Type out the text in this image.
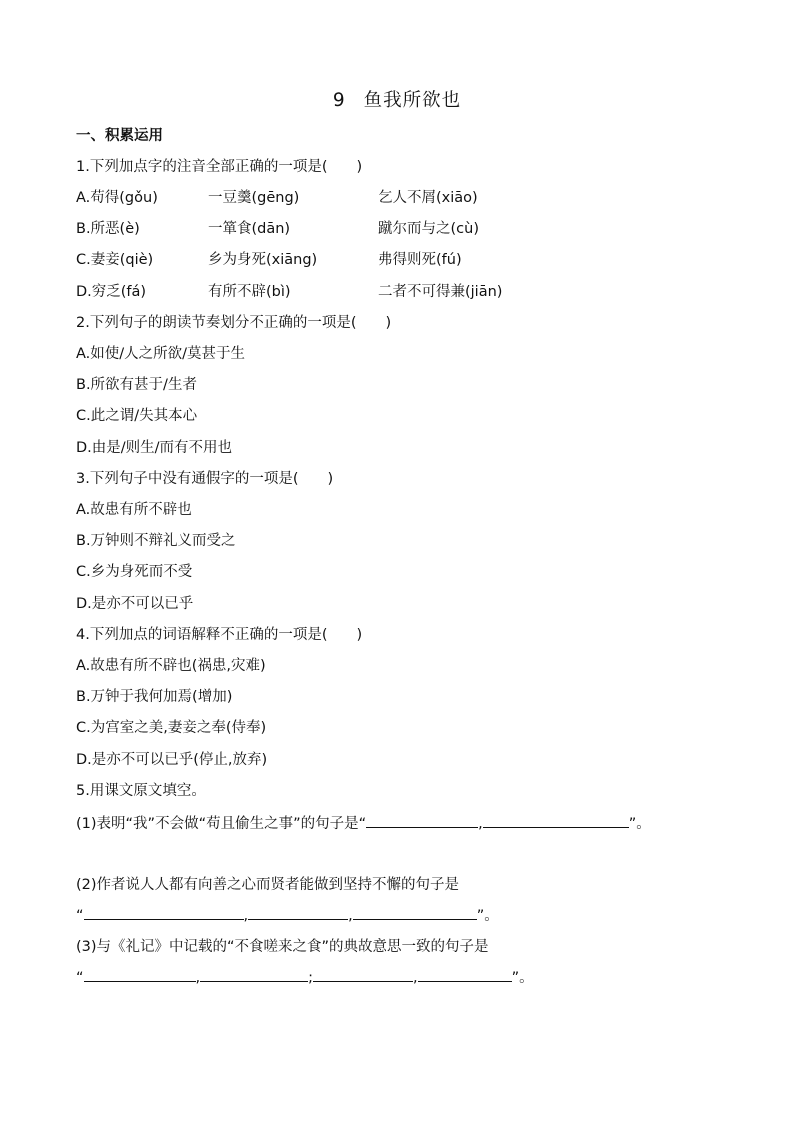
9 鱼我所欲也
一、积累运用
1.下列加点字的注音全部正确的一项是(　　)
A.苟得(gǒu)	一豆羹(gēng)	乞人不屑(xiāo)
B.所恶(è)	一箪食(dān)	蹴尔而与之(cù)
C.妻妾(qiè)	乡为身死(xiāng)	弗得则死(fú)
D.穷乏(fá)	有所不辟(bì)	二者不可得兼(jiān)
2.下列句子的朗读节奏划分不正确的一项是(　　)
A.如使/人之所欲/莫甚于生
B.所欲有甚于/生者
C.此之谓/失其本心
D.由是/则生/而有不用也
3.下列句子中没有通假字的一项是(　　)
A.故患有所不辟也
B.万钟则不辩礼义而受之
C.乡为身死而不受
D.是亦不可以已乎
4.下列加点的词语解释不正确的一项是(　　)
A.故患有所不辟也(祸患,灾难)
B.万钟于我何加焉(增加)
C.为宫室之美,妻妾之奉(侍奉)
D.是亦不可以已乎(停止,放弃)
5.用课文原文填空。
(1)表明“我”不会做“苟且偷生之事”的句子是“	,	”。
(2)作者说人人都有向善之心而贤者能做到坚持不懈的句子是
“	,	,	”。
(3)与《礼记》中记载的“不食嗟来之食”的典故意思一致的句子是
“	,	;	,	”。
